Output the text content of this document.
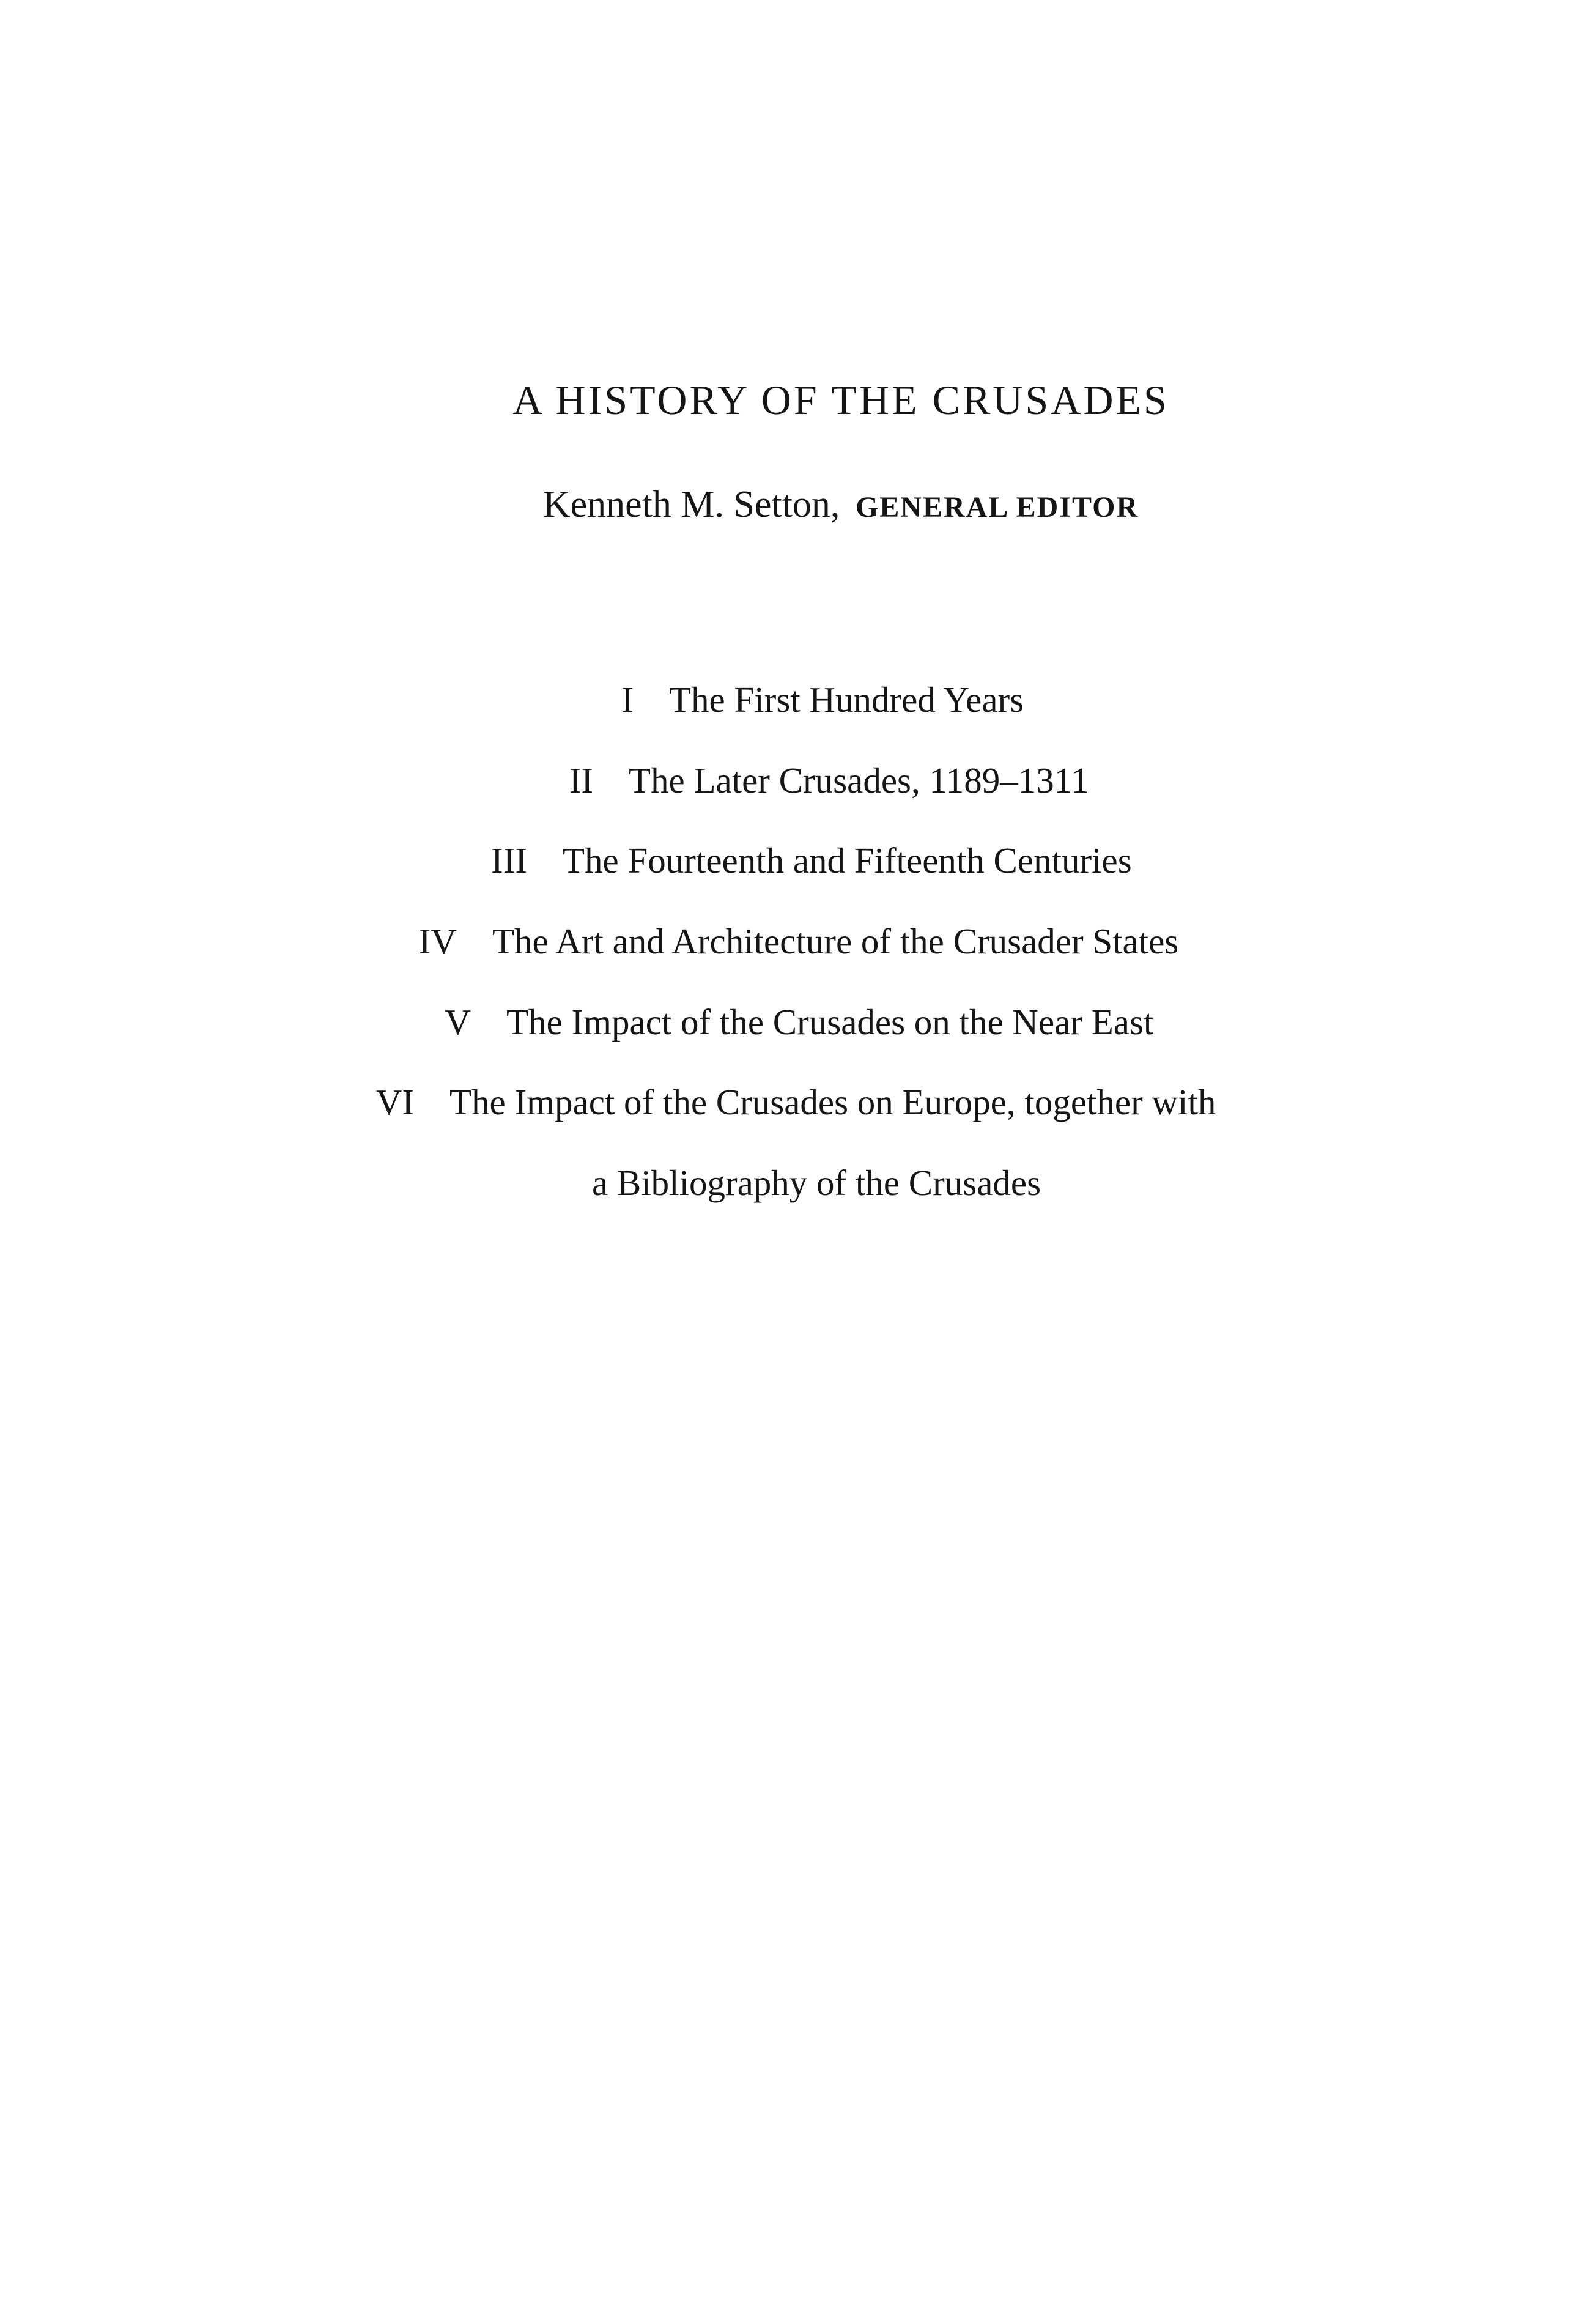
A HISTORY OF THE CRUSADES
Kenneth M. Setton, GENERAL EDITOR
I The First Hundred Years
II The Later Crusades, 1189–1311
III The Fourteenth and Fifteenth Centuries
IV The Art and Architecture of the Crusader States
V The Impact of the Crusades on the Near East
VI The Impact of the Crusades on Europe, together with
a Bibliography of the Crusades
